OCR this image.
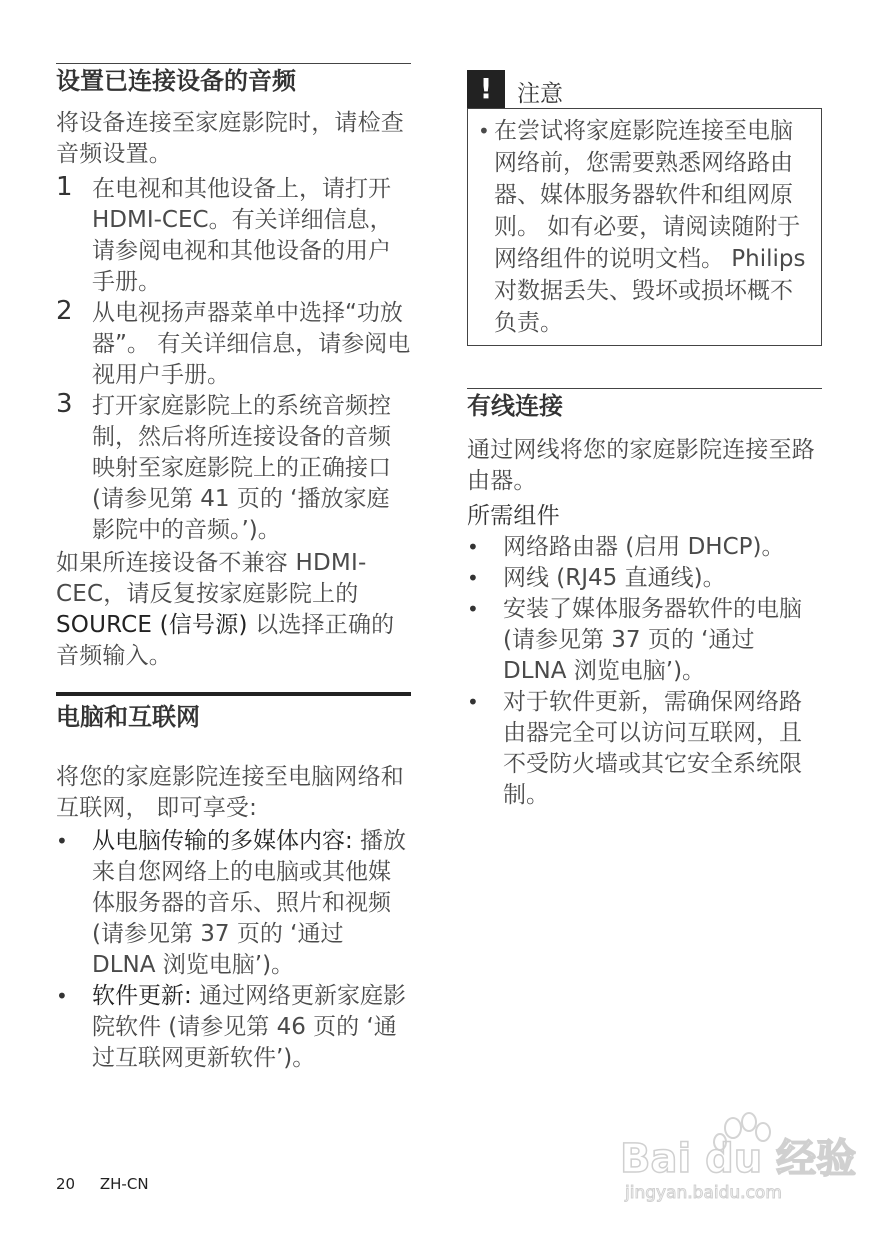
设置已连接设备的音频

将设备连接至家庭影院时，请检查音频设置。

1 在电视和其他设备上，请打开 HDMI-CEC。有关详细信息，请参阅电视和其他设备的用户手册。
2 从电视扬声器菜单中选择“功放器”。 有关详细信息，请参阅电视用户手册。
3 打开家庭影院上的系统音频控制，然后将所连接设备的音频映射至家庭影院上的正确接口 (请参见第 41 页的 ‘播放家庭影院中的音频。’)。

如果所连接设备不兼容 HDMI-CEC，请反复按家庭影院上的 SOURCE (信号源) 以选择正确的音频输入。

电脑和互联网

将您的家庭影院连接至电脑网络和互联网， 即可享受:

• 从电脑传输的多媒体内容: 播放来自您网络上的电脑或其他媒体服务器的音乐、照片和视频 (请参见第 37 页的 ‘通过 DLNA 浏览电脑’)。
• 软件更新: 通过网络更新家庭影院软件 (请参见第 46 页的 ‘通过互联网更新软件’)。
!	注意
• 在尝试将家庭影院连接至电脑网络前，您需要熟悉网络路由器、媒体服务器软件和组网原则。 如有必要，请阅读随附于网络组件的说明文档。 Philips 对数据丢失、毁坏或损坏概不负责。
有线连接

通过网线将您的家庭影院连接至路由器。

所需组件

• 网络路由器 (启用 DHCP)。
• 网线 (RJ45 直通线)。
• 安装了媒体服务器软件的电脑 (请参见第 37 页的 ‘通过 DLNA 浏览电脑’)。
• 对于软件更新，需确保网络路由器完全可以访问互联网，且不受防火墙或其它安全系统限制。
20 ZH-CN
Bai du 经验
jingyan.baidu.com
